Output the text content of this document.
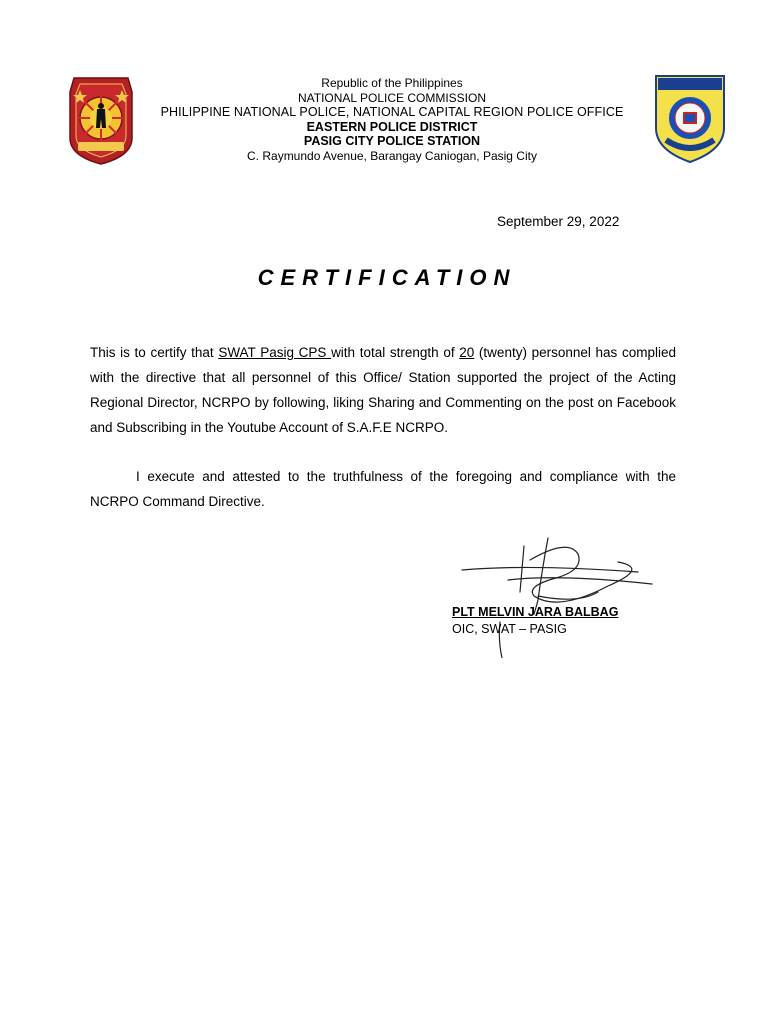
Republic of the Philippines
NATIONAL POLICE COMMISSION
PHILIPPINE NATIONAL POLICE, NATIONAL CAPITAL REGION POLICE OFFICE
EASTERN POLICE DISTRICT
PASIG CITY POLICE STATION
C. Raymundo Avenue, Barangay Caniogan, Pasig City
September 29, 2022
CERTIFICATION
This is to certify that SWAT Pasig CPS with total strength of 20 (twenty) personnel has complied with the directive that all personnel of this Office/ Station supported the project of the Acting Regional Director, NCRPO by following, liking Sharing and Commenting on the post on Facebook and Subscribing in the Youtube Account of S.A.F.E NCRPO.
I execute and attested to the truthfulness of the foregoing and compliance with the NCRPO Command Directive.
PLT MELVIN JARA BALBAG
OIC, SWAT – PASIG
